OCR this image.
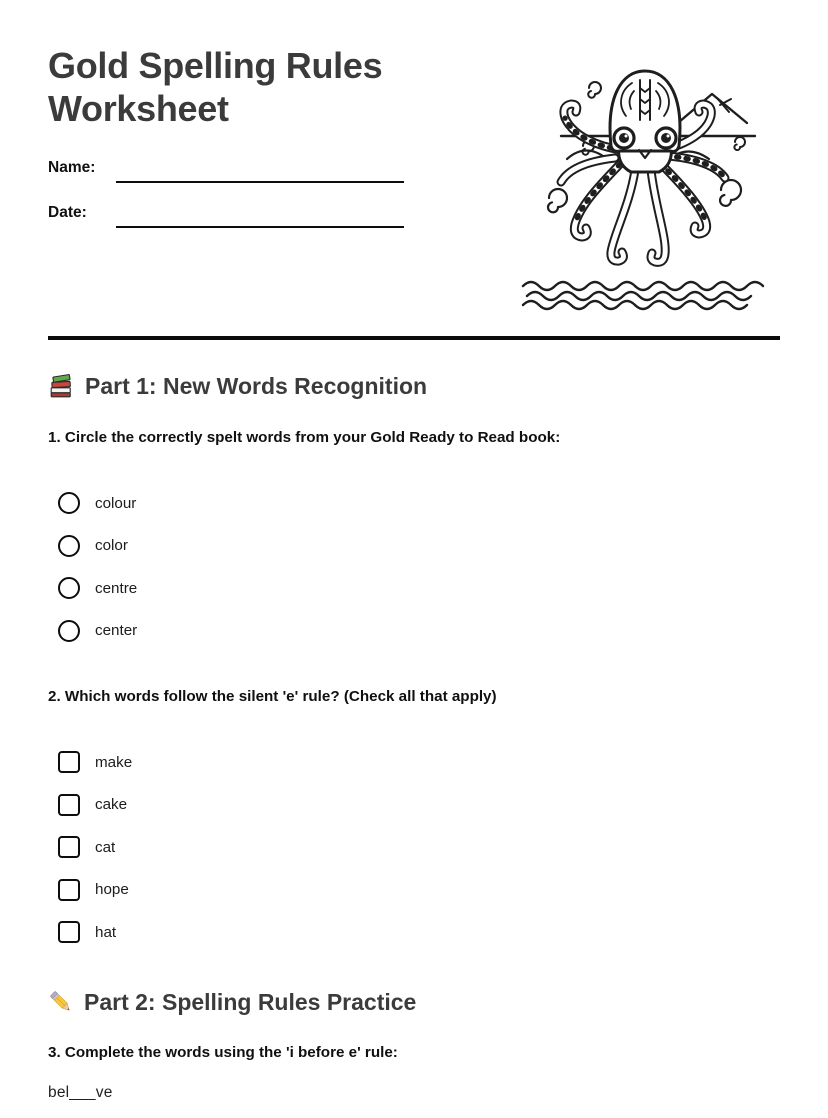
Gold Spelling Rules Worksheet
Name:
Date:
Part 1: New Words Recognition
1. Circle the correctly spelt words from your Gold Ready to Read book:
colour
color
centre
center
2. Which words follow the silent 'e' rule? (Check all that apply)
make
cake
cat
hope
hat
Part 2: Spelling Rules Practice
3. Complete the words using the 'i before e' rule:
bel___ve
